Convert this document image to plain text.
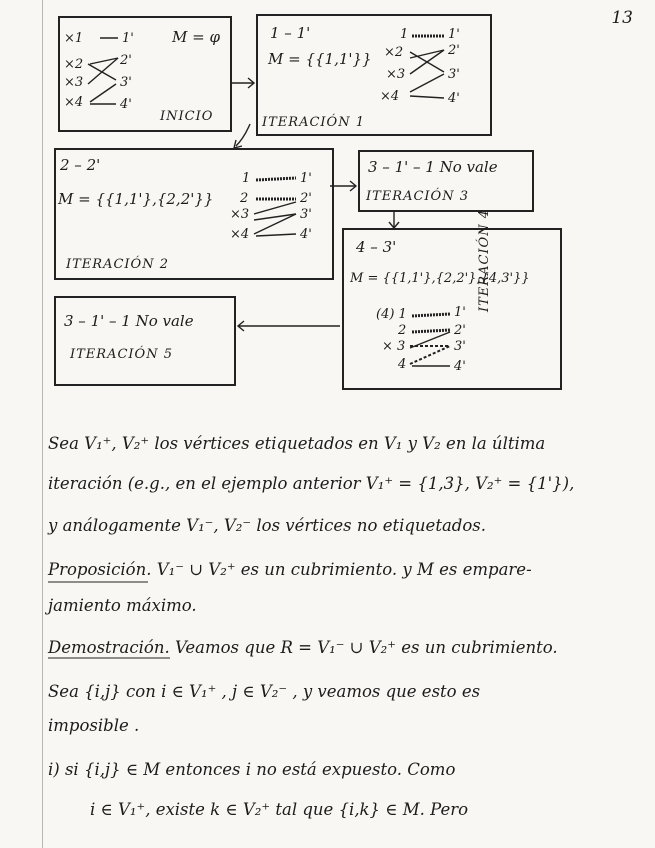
13
M = φ
×1
×2
×3
×4
1'
2'
3'
4'
INICIO
1 – 1'
M = {{1,1'}}
1
×2
×3
×4
1'
2'
3'
4'
ITERACIÓN 1
2 – 2'
M = {{1,1'},{2,2'}}
1
2
×3
×4
1'
2'
3'
4'
ITERACIÓN 2
3 – 1' – 1 No vale
ITERACIÓN 3
4 – 3'
M = {{1,1'},{2,2'},{4,3'}}
(4) 1
2
× 3
4
1'
2'
3'
4'
ITERACIÓN 4
3 – 1' – 1 No vale
ITERACIÓN 5
Sea V₁⁺, V₂⁺ los vértices etiquetados en V₁ y V₂ en la última
iteración (e.g., en el ejemplo anterior V₁⁺ = {1,3}, V₂⁺ = {1'}),
y análogamente V₁⁻, V₂⁻ los vértices no etiquetados.
Proposición. V₁⁻ ∪ V₂⁺ es un cubrimiento. y M es empare-
jamiento máximo.
Demostración. Veamos que R = V₁⁻ ∪ V₂⁺ es un cubrimiento.
Sea {i,j} con i ∈ V₁⁺ , j ∈ V₂⁻ , y veamos que esto es
imposible .
i) si {i,j} ∈ M entonces i no está expuesto. Como
i ∈ V₁⁺, existe k ∈ V₂⁺ tal que {i,k} ∈ M. Pero
